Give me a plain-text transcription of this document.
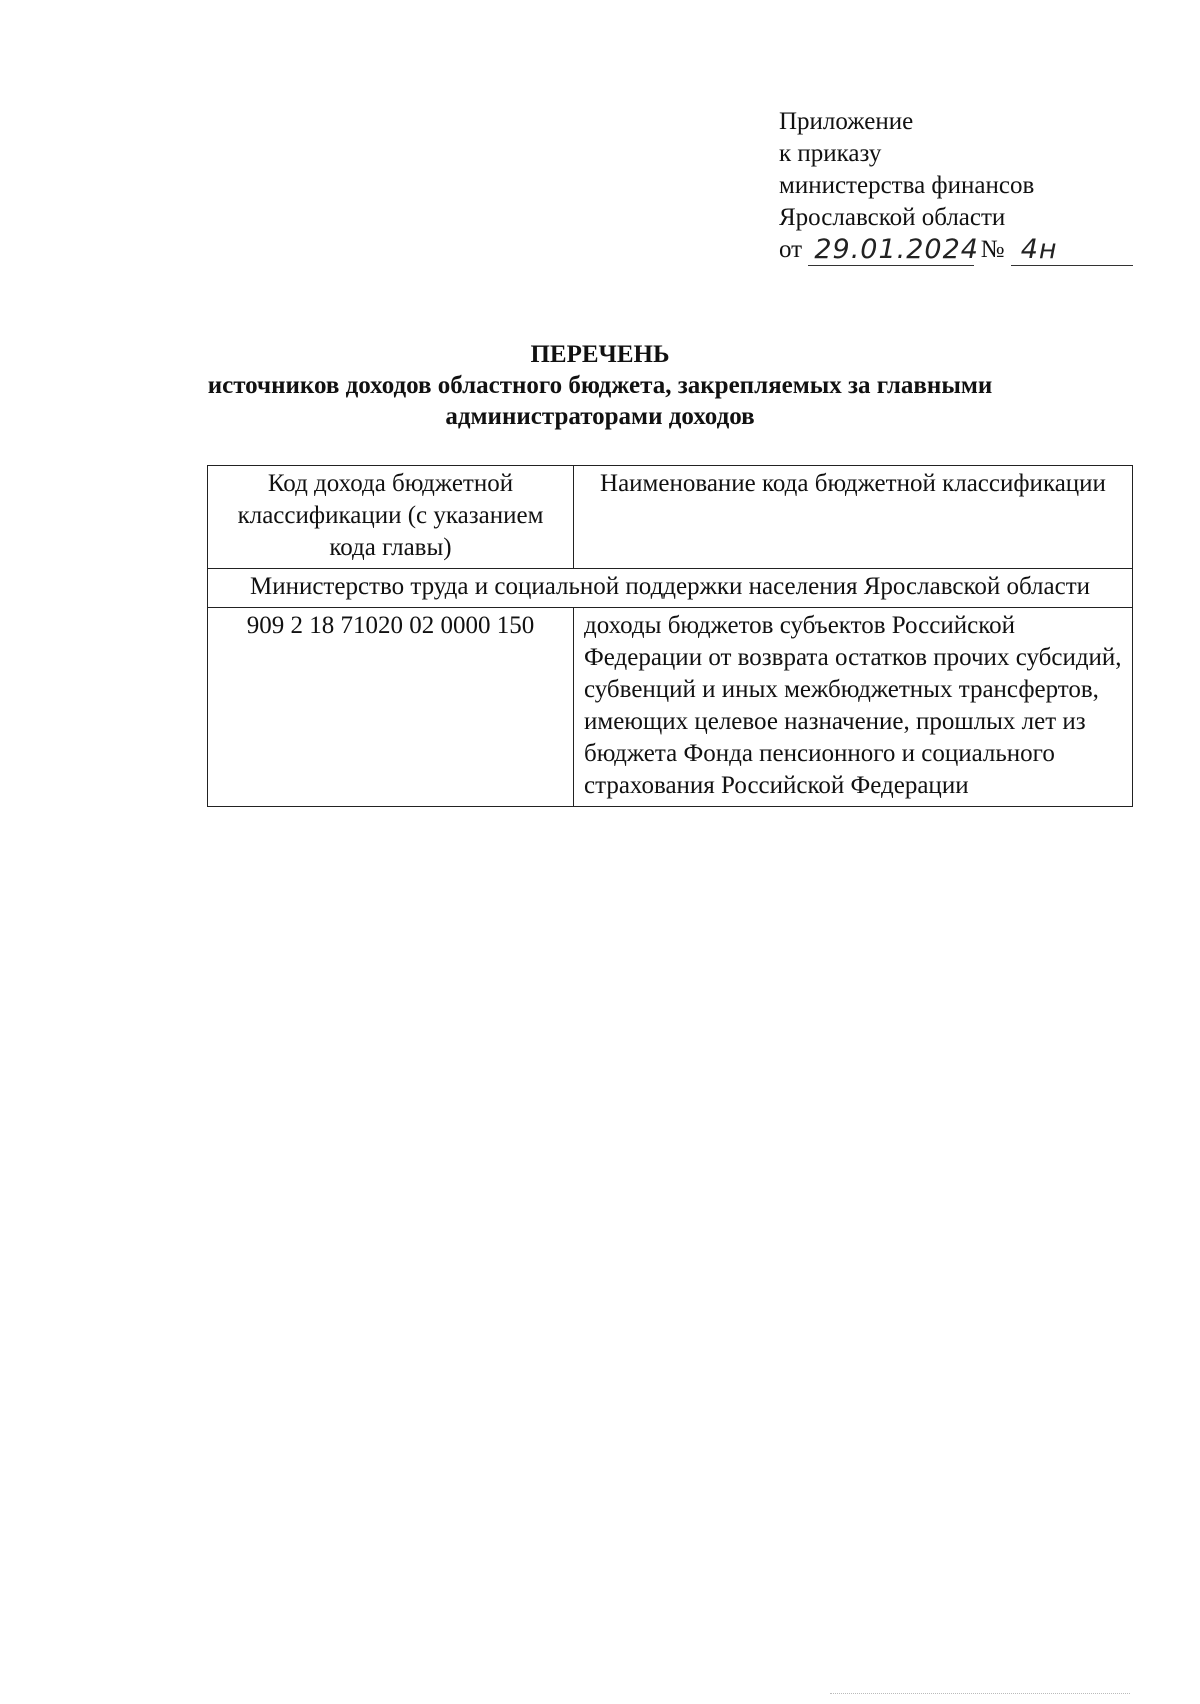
Приложение
к приказу
министерства финансов
Ярославской области
от 29.01.2024 № 4н
ПЕРЕЧЕНЬ
источников доходов областного бюджета, закрепляемых за главными
администраторами доходов
Код дохода бюджетной классификации (с указанием кода главы)	Наименование кода бюджетной классификации
Министерство труда и социальной поддержки населения Ярославской области	
909 2 18 71020 02 0000 150	доходы бюджетов субъектов Российской Федерации от возврата остатков прочих субсидий, субвенций и иных межбюджетных трансфертов, имеющих целевое назначение, прошлых лет из бюджета Фонда пенсионного и социального страхования Российской Федерации
